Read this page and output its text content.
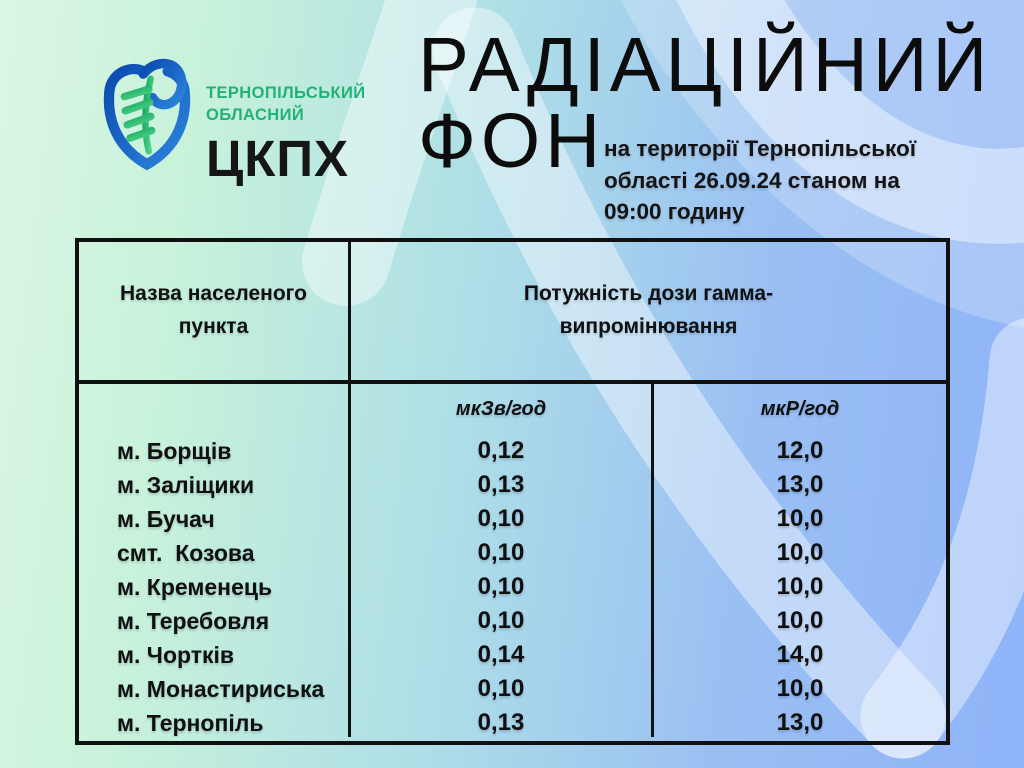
ТЕРНОПІЛЬСЬКИЙ
ОБЛАСНИЙ
ЦКПХ
РАДІАЦІЙНИЙ
ФОН
на території Тернопільської області 26.09.24 станом на 09:00 годину
Назва населеного пункта
Потужність дози гамма-випромінювання
м. Борщів
м. Заліщики
м. Бучач
смт.  Козова
м. Кременець
м. Теребовля
м. Чортків
м. Монастириська
м. Тернопіль
мкЗв/год
0,12
0,13
0,10
0,10
0,10
0,10
0,14
0,10
0,13
мкР/год
12,0
13,0
10,0
10,0
10,0
10,0
14,0
10,0
13,0
